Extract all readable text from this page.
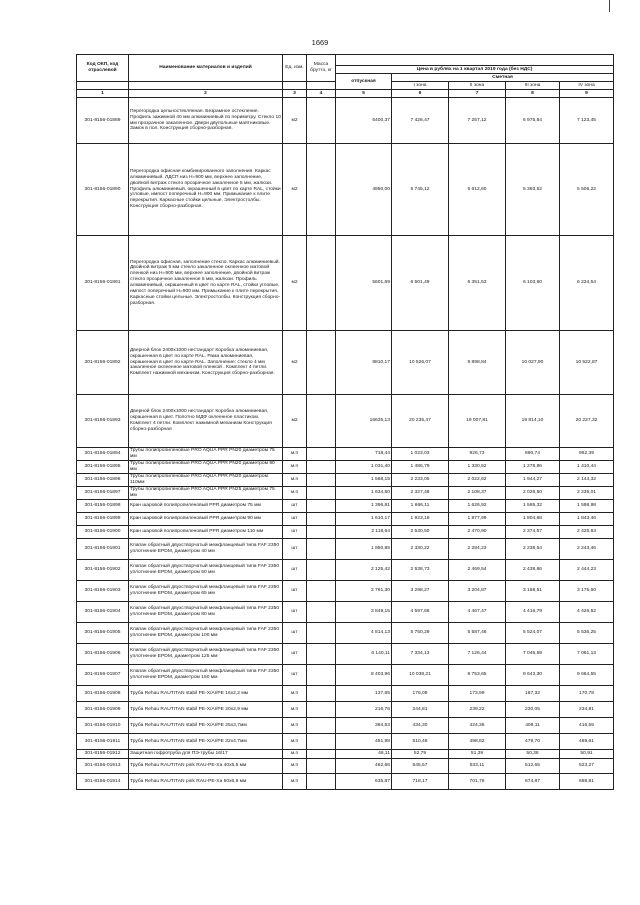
1669
Код ОКП, код отраслевой	Наименование материалов и изделий	Ед. изм.	Масса брутто, кг					
				Цена в рублях на 1 квартал 2019 года (без НДС)				
				отпускная	Сметная			
					I зона	II зона	III зона	IV зона
1	2	3	4	5	6	7	8	9
301-8156-01889	Перегородка цельностеклянная. Безрамное остекление. Профиль зажимной 40 мм алюминиевый по периметру. Стекло 10 мм прозрачное закаленное. Двери двупольные маятниковые. Замок в пол. Конструкция сборно-разборная.	м2		6400,37	7 428,47	7 257,12	6 975,84	7 123,45
301-8156-01890	Перегородка офисная комбинированного заполнения. Каркас алюминиевый. ЛДСП низ Н=900 мм, верхнее заполнение, двойной витраж стекло прозрачное закаленное 5 мм, жалюзи. Профиль алюминиевый, окрашенный в цвет по карте RAL, стойки угловые, импост поперечный Н=900 мм. Примыкание к плите перекрытия. Каркасные стойки цельные. Электростолбы. Конструкция сборно-разборная.	м2		4950,00	5 745,12	5 612,60	5 393,52	5 506,22
301-8156-01891	Перегородка офисная, заполнение стекло. Каркас алюминиевый. Двойной витраж 5 мм стекло закаленное оклеенное матовой пленкой низ Н=900 мм, верхнее заполнение, двойной витраж стекло прозрачное закаленное 5 мм, жалюзи. Профиль алюминиевый, окрашенный в цвет по карте RAL, стойки угловые, импост поперечный Н=900 мм. Примыкание к плите перекрытия. Каркасные стойки цельные. Электростолбы. Конструкция сборно-разборная.	м2		5601,69	6 501,49	6 351,53	6 103,60	6 234,54
301-8156-01892	Дверной блок 2400х1000 нестандарт Коробка алюминиевая, окрашенная в цвет по карте RAL. Рама алюминиевая, окрашенная в цвет по карте RAL. Заполнение: стекло 4 мм закаленное оклеенное матовой пленкой . Комплект 4 петли. Комплект нажимной механизм. Конструкция сборно-разборная.	м2		8810,17	10 526,07	9 898,84	10 027,90	10 522,87
301-8156-01893	Дверной блок 2400х1000 нестандарт Коробка алюминиевая, окрашенная в цвет. Полотно МДФ оклеенное пластиком. Комплект 4 петли. Комплект нажимной механизм Конструкция сборно-разборная	м2		16635,13	20 235,47	19 007,81	19 814,10	20 227,32
301-8156-01894	Трубы полипропиленовые PRO AQUA PPR PN20 диаметром 75 мм	м.п		718,44	1 023,03	926,73	890,74	962,39
301-8156-01895	Трубы полипропиленовые PRO AQUA PPR PN20 диаметром 90 мм	м.п		1 031,40	1 486,79	1 330,52	1 278,86	1 410,44
301-8156-01896	Трубы полипропиленовые PRO AQUA PPR PN20 диаметром 110мм	м.п		1 568,15	2 233,05	2 022,62	1 944,27	2 144,32
301-8156-01897	Трубы полипропиленовые PRO AQUA PPR PN25 диаметром 75 мм	м.п		1 634,50	2 327,48	2 108,37	2 026,50	2 235,01
301-8156-01898	Кран шаровой полипропиленовый PPR диаметром 75 мм	шт		1 396,81	1 666,11	1 626,92	1 565,32	1 598,98
301-8156-01899	Кран шаровой полипропиленовый PPR диаметром 90 мм	шт		1 610,17	1 923,19	1 877,99	1 804,68	1 843,46
301-8156-01900	Кран шаровой полипропиленовый PPR диаметром 110 мм	шт		2 118,64	2 530,50	2 470,90	2 374,57	2 425,63
301-8156-01901	Клапан обратный двухстворчатый межфланцевый типа FAF 2350 уплотнение EPDM, диаметром 40 мм	шт		1 950,85	2 330,22	2 284,23	2 238,54	2 243,46
301-8156-01902	Клапан обратный двухстворчатый межфланцевый типа FAF 2350 уплотнение EPDM, диаметром 50 мм	шт		2 125,42	2 538,73	2 469,54	2 438,86	2 444,23
301-8156-01903	Клапан обратный двухстворчатый межфланцевый типа FAF 2350 уплотнение EPDM, диаметром 65 мм	шт		2 761,30	3 298,27	3 204,87	3 168,51	3 175,50
301-8156-01904	Клапан обратный двухстворчатый межфланцевый типа FAF 2350 уплотнение EPDM, диаметром 80 мм	шт		3 849,15	4 597,66	4 467,47	4 416,79	4 426,52
301-8156-01905	Клапан обратный двухстворчатый межфланцевый типа FAF 2350 уплотнение EPDM, диаметром 100 мм	шт		4 814,13	5 750,29	5 587,46	5 524,07	5 536,25
301-8156-01906	Клапан обратный двухстворчатый межфланцевый типа FAF 2350 уплотнение EPDM, диаметром 125 мм	шт		6 140,11	7 334,13	7 126,44	7 045,59	7 061,13
301-8156-01907	Клапан обратный двухстворчатый межфланцевый типа FAF 2350 уплотнение EPDM, диаметром 150 мм	шт		8 403,96	10 038,21	9 753,65	9 643,30	9 664,55
301-8156-01908	Труба Rehau RAUTITAN stabil PE-X/AI/PE 16х2,2 мм	м.п		137,65	176,09	173,99	167,32	170,78
301-8156-01909	Труба Rehau RAUTITAN stabil PE-X/AI/PE 20х2,9 мм	м.п		216,76	244,81	239,22	230,05	234,81
301-8156-01910	Труба Rehau RAUTITAN stabil PE-X/AI/PE 25х3,7мм	м.п		384,53	434,30	424,36	408,11	416,55
301-8156-01911	Труба Rehau RAUTITAN stabil PE-X/AI/PE 32х4,7мм	м.п		451,98	510,48	498,82	479,70	489,61
301-8156-01912	Защитная гофротруба для ПЭ-трубы 16/17	м.п		46,11	52,79	51,39	50,38	50,91
301-8156-01913	Труба Rehau RAUTITAN pink RAU-PE-Xa 40х5,5 мм	м.п		462,66	545,57	533,11	512,65	523,27
301-8156-01914	Труба Rehau RAUTITAN pink RAU-PE-Xa 50х6,9 мм	м.п		635,87	718,17	701,76	674,87	688,81
